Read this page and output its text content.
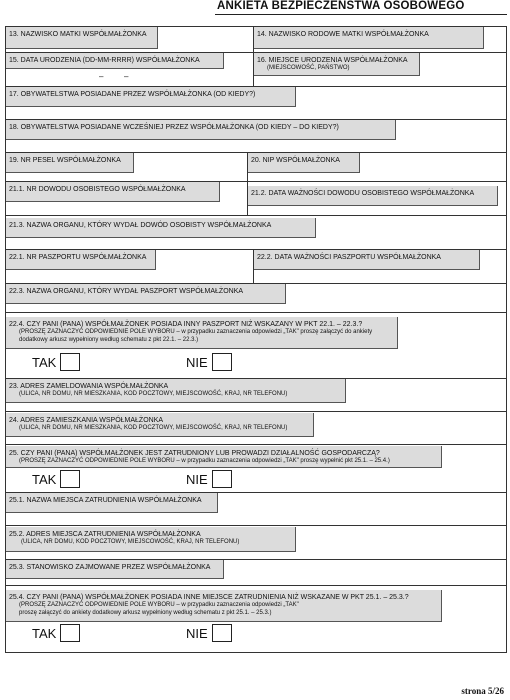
ANKIETA BEZPIECZEŃSTWA OSOBOWEGO
13. NAZWISKO MATKI WSPÓŁMAŁŻONKA	14. NAZWISKO RODOWE MATKI WSPÓŁMAŁŻONKA
15. DATA URODZENIA (DD-MM-RRRR) WSPÓŁMAŁŻONKA
–	–
16. MIEJSCE URODZENIA WSPÓŁMAŁŻONKA
(MIEJSCOWOŚĆ, PAŃSTWO)
17. OBYWATELSTWA POSIADANE PRZEZ WSPÓŁMAŁŻONKA (OD KIEDY?)
18. OBYWATELSTWA POSIADANE WCZEŚNIEJ PRZEZ WSPÓŁMAŁŻONKA (OD KIEDY – DO KIEDY?)
19. NR PESEL WSPÓŁMAŁŻONKA	20. NIP WSPÓŁMAŁŻONKA
21.1. NR DOWODU OSOBISTEGO WSPÓŁMAŁŻONKA
21.2. DATA WAŻNOŚCI DOWODU OSOBISTEGO WSPÓŁMAŁŻONKA
21.3. NAZWA ORGANU, KTÓRY WYDAŁ DOWÓD OSOBISTY WSPÓŁMAŁŻONKA
22.1. NR PASZPORTU WSPÓŁMAŁŻONKA	22.2. DATA WAŻNOŚCI PASZPORTU WSPÓŁMAŁŻONKA
22.3. NAZWA ORGANU, KTÓRY WYDAŁ PASZPORT WSPÓŁMAŁŻONKA
22.4. CZY PANI (PANA) WSPÓŁMAŁŻONEK POSIADA INNY PASZPORT NIŻ WSKAZANY W PKT 22.1. – 22.3.?
(PROSZĘ ZAZNACZYĆ ODPOWIEDNIE POLE WYBORU – w przypadku zaznaczenia odpowiedzi „TAK" proszę załączyć do ankiety
dodatkowy arkusz wypełniony według schematu z pkt 22.1. – 22.3.)
TAK	NIE
23. ADRES ZAMELDOWANIA WSPÓŁMAŁŻONKA
(ULICA, NR DOMU, NR MIESZKANIA, KOD POCZTOWY, MIEJSCOWOŚĆ, KRAJ, NR TELEFONU)
24. ADRES ZAMIESZKANIA WSPÓŁMAŁŻONKA
(ULICA, NR DOMU, NR MIESZKANIA, KOD POCZTOWY, MIEJSCOWOŚĆ, KRAJ, NR TELEFONU)
25. CZY PANI (PANA) WSPÓŁMAŁŻONEK JEST ZATRUDNIONY LUB PROWADZI DZIAŁALNOŚĆ GOSPODARCZĄ?
(PROSZĘ ZAZNACZYĆ ODPOWIEDNIE POLE WYBORU – w przypadku zaznaczenia odpowiedzi „TAK" proszę wypełnić pkt 25.1. – 25.4.)
TAK	NIE
25.1. NAZWA MIEJSCA ZATRUDNIENIA WSPÓŁMAŁŻONKA
25.2. ADRES MIEJSCA ZATRUDNIENIA WSPÓŁMAŁŻONKA
(ULICA, NR DOMU, KOD POCZTOWY, MIEJSCOWOŚĆ, KRAJ, NR TELEFONU)
25.3. STANOWISKO ZAJMOWANE PRZEZ WSPÓŁMAŁŻONKA
25.4. CZY PANI (PANA) WSPÓŁMAŁŻONEK POSIADA INNE MIEJSCE ZATRUDNIENIA NIŻ WSKAZANE W PKT 25.1. – 25.3.?
(PROSZĘ ZAZNACZYĆ ODPOWIEDNIE POLE WYBORU – w przypadku zaznaczenia odpowiedzi „TAK"
proszę załączyć do ankiety dodatkowy arkusz wypełniony według schematu z pkt 25.1. – 25.3.)
TAK	NIE
strona 5/26
